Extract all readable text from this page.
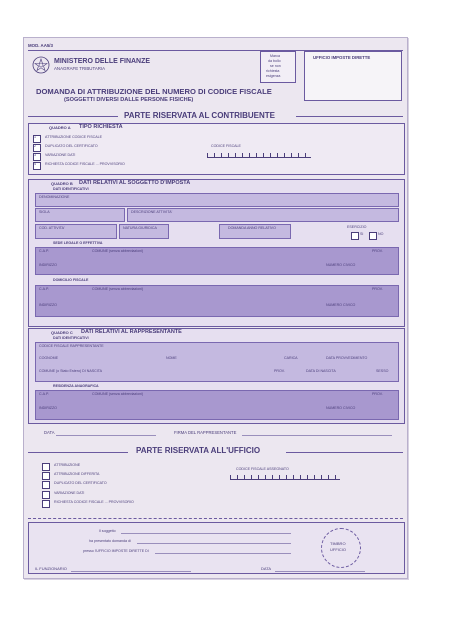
MOD. AA5/3
MINISTERO DELLE FINANZE
ANAGRAFE TRIBUTARIA
Marca
da bollo
se non
richiesta
esigenza
UFFICIO IMPOSTE DIRETTE
DOMANDA DI ATTRIBUZIONE DEL NUMERO DI CODICE FISCALE
(SOGGETTI DIVERSI DALLE PERSONE FISICHE)
PARTE RISERVATA AL CONTRIBUENTE
QUADRO A TIPO RICHIESTA
1	ATTRIBUZIONE CODICE FISCALE
2	DUPLICATO DEL CERTIFICATO
3	VARIAZIONE DATI
4	RICHIESTA CODICE FISCALE ... PROVVISORIO
CODICE FISCALE
QUADRO B DATI RELATIVI AL SOGGETTO D'IMPOSTA
DATI IDENTIFICATIVI
DENOMINAZIONE
SIGLA	DESCRIZIONE ATTIVITA'
COD. ATTIVITA'	NATURA GIURIDICA	DOMANDA ANNO RELATIVO	ESERCIZIO
SI	NO
SEDE LEGALE O EFFETTIVA
C.A.P.	COMUNE (senza abbreviazioni)	PROV.
INDIRIZZO	NUMERO CIVICO
DOMICILIO FISCALE
C.A.P.	COMUNE (senza abbreviazioni)	PROV.
INDIRIZZO	NUMERO CIVICO
QUADRO C DATI RELATIVI AL RAPPRESENTANTE
DATI IDENTIFICATIVI
CODICE FISCALE RAPPRESENTANTE
COGNOME	NOME	CARICA	DATA PROVVEDIMENTO
COMUNE (o Stato Estero) DI NASCITA	PROV.	DATA DI NASCITA	SESSO
RESIDENZA ANAGRAFICA
C.A.P.	COMUNE (senza abbreviazioni)	PROV.
INDIRIZZO	NUMERO CIVICO
DATA	FIRMA DEL RAPPRESENTANTE
PARTE RISERVATA ALL'UFFICIO
ATTRIBUZIONE
ATTRIBUZIONE DIFFERITA
DUPLICATO DEL CERTIFICATO
VARIAZIONE DATI
RICHIESTA CODICE FISCALE ... PROVVISORIO
CODICE FISCALE ASSEGNATO
Il soggetto
ha presentato domanda di
presso l'UFFICIO IMPOSTE DIRETTE DI
TIMBRO
UFFICIO
IL FUNZIONARIO	DATA
